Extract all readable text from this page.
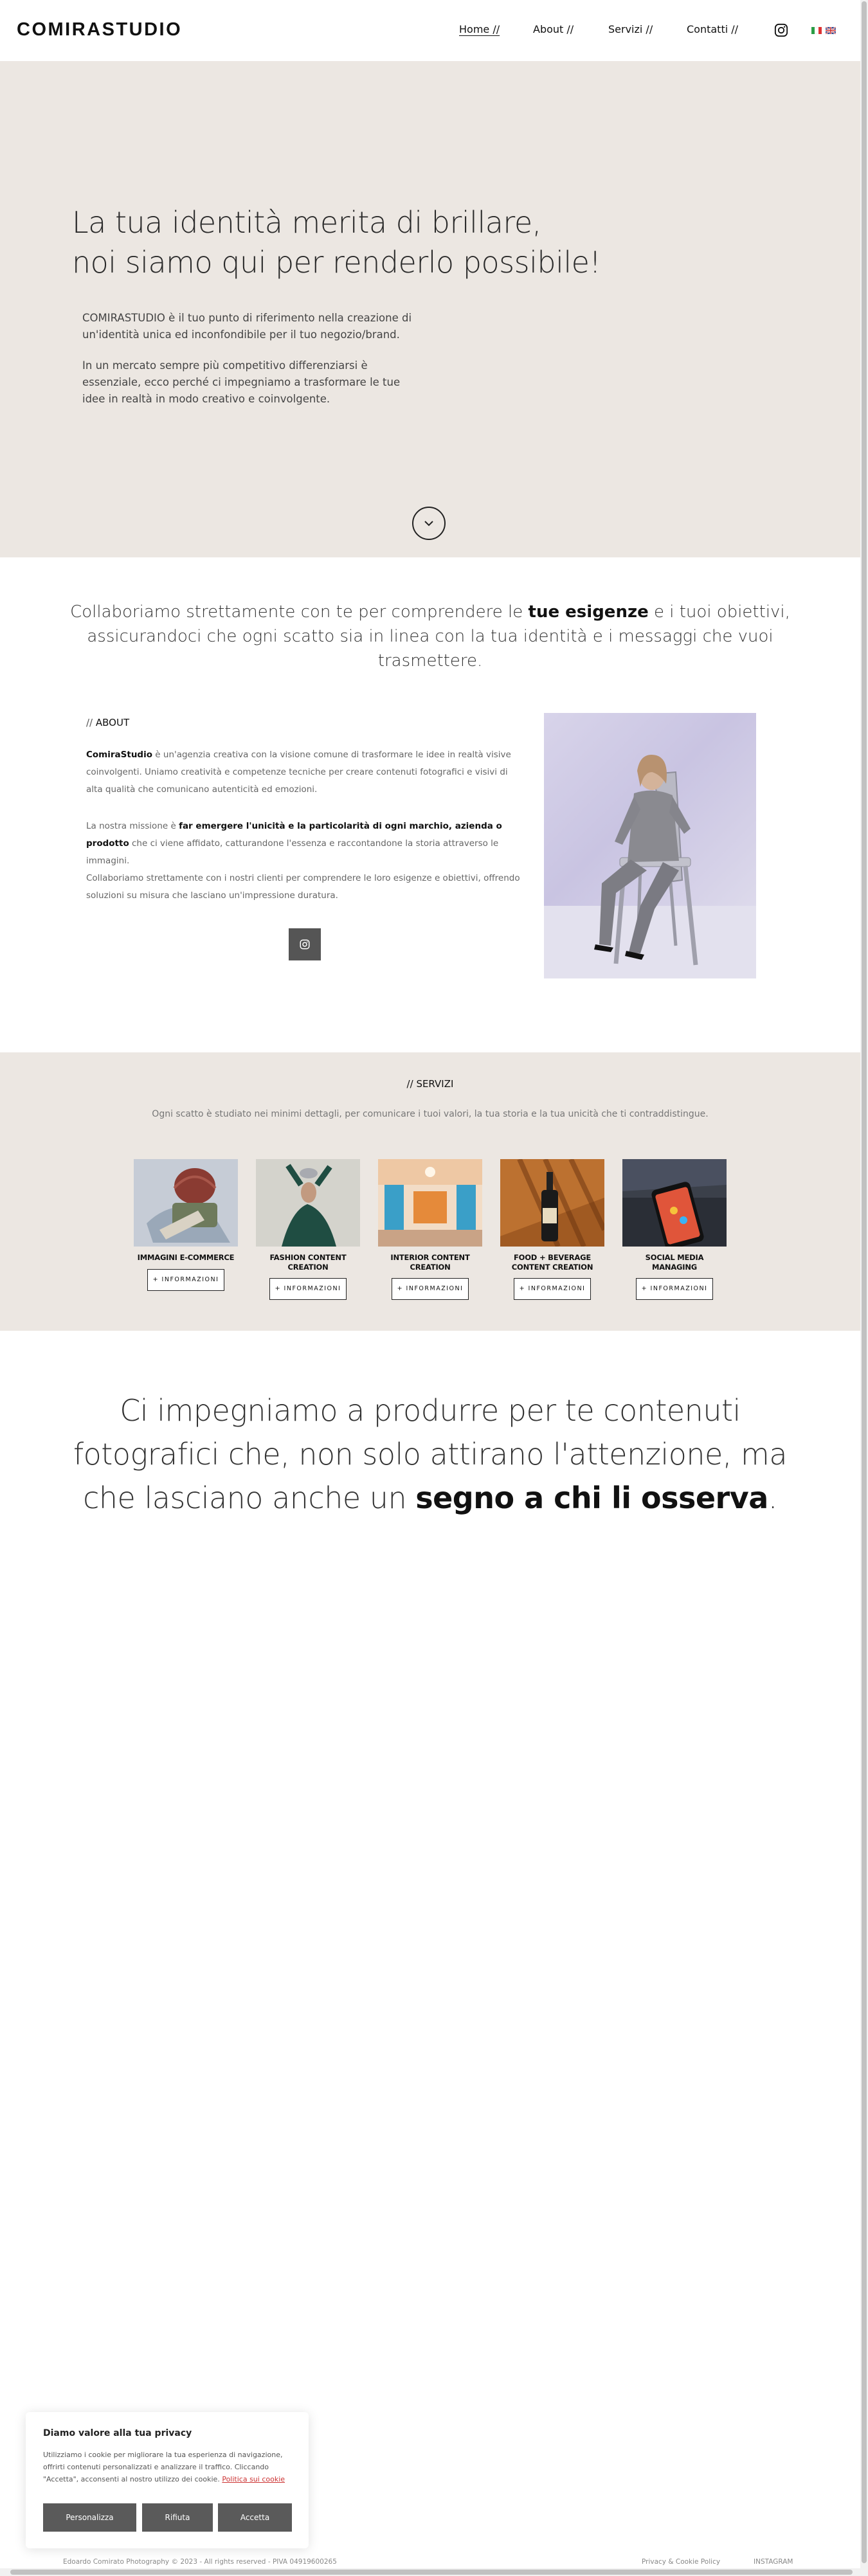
COMIRASTUDIO	Home //	About //	Servizi //	Contatti //
La tua identità merita di brillare,
noi siamo qui per renderlo possibile!

COMIRASTUDIO è il tuo punto di riferimento nella creazione di un'identità unica ed inconfondibile per il tuo negozio/brand.

In un mercato sempre più competitivo differenziarsi è essenziale, ecco perché ci impegniamo a trasformare le tue idee in realtà in modo creativo e coinvolgente.

Collaboriamo strettamente con te per comprendere le tue esigenze e i tuoi obiettivi, assicurandoci che ogni scatto sia in linea con la tua identità e i messaggi che vuoi trasmettere.
// ABOUT

ComiraStudio è un'agenzia creativa con la visione comune di trasformare le idee in realtà visive coinvolgenti. Uniamo creatività e competenze tecniche per creare contenuti fotografici e visivi di alta qualità che comunicano autenticità ed emozioni.

La nostra missione è far emergere l'unicità e la particolarità di ogni marchio, azienda o prodotto che ci viene affidato, catturandone l'essenza e raccontandone la storia attraverso le immagini.

Collaboriamo strettamente con i nostri clienti per comprendere le loro esigenze e obiettivi, offrendo soluzioni su misura che lasciano un'impressione duratura.

// SERVIZI
Ogni scatto è studiato nei minimi dettagli, per comunicare i tuoi valori, la tua storia e la tua unicità che ti contraddistingue.
IMMAGINI E-COMMERCE
+ INFORMAZIONI
FASHION CONTENT CREATION
+ INFORMAZIONI
INTERIOR CONTENT CREATION
+ INFORMAZIONI
FOOD + BEVERAGE CONTENT CREATION
+ INFORMAZIONI
SOCIAL MEDIA MANAGING
+ INFORMAZIONI
Ci impegniamo a produrre per te contenuti fotografici che, non solo attirano l'attenzione, ma che lasciano anche un segno a chi li osserva.
Diamo valore alla tua privacy

Utilizziamo i cookie per migliorare la tua esperienza di navigazione, offrirti contenuti personalizzati e analizzare il traffico. Cliccando "Accetta", acconsenti al nostro utilizzo dei cookie. Politica sui cookie

Personalizza	Rifiuta	Accetta
Edoardo Comirato Photography © 2023 - All rights reserved - PIVA 04919600265	Privacy & Cookie Policy	INSTAGRAM
